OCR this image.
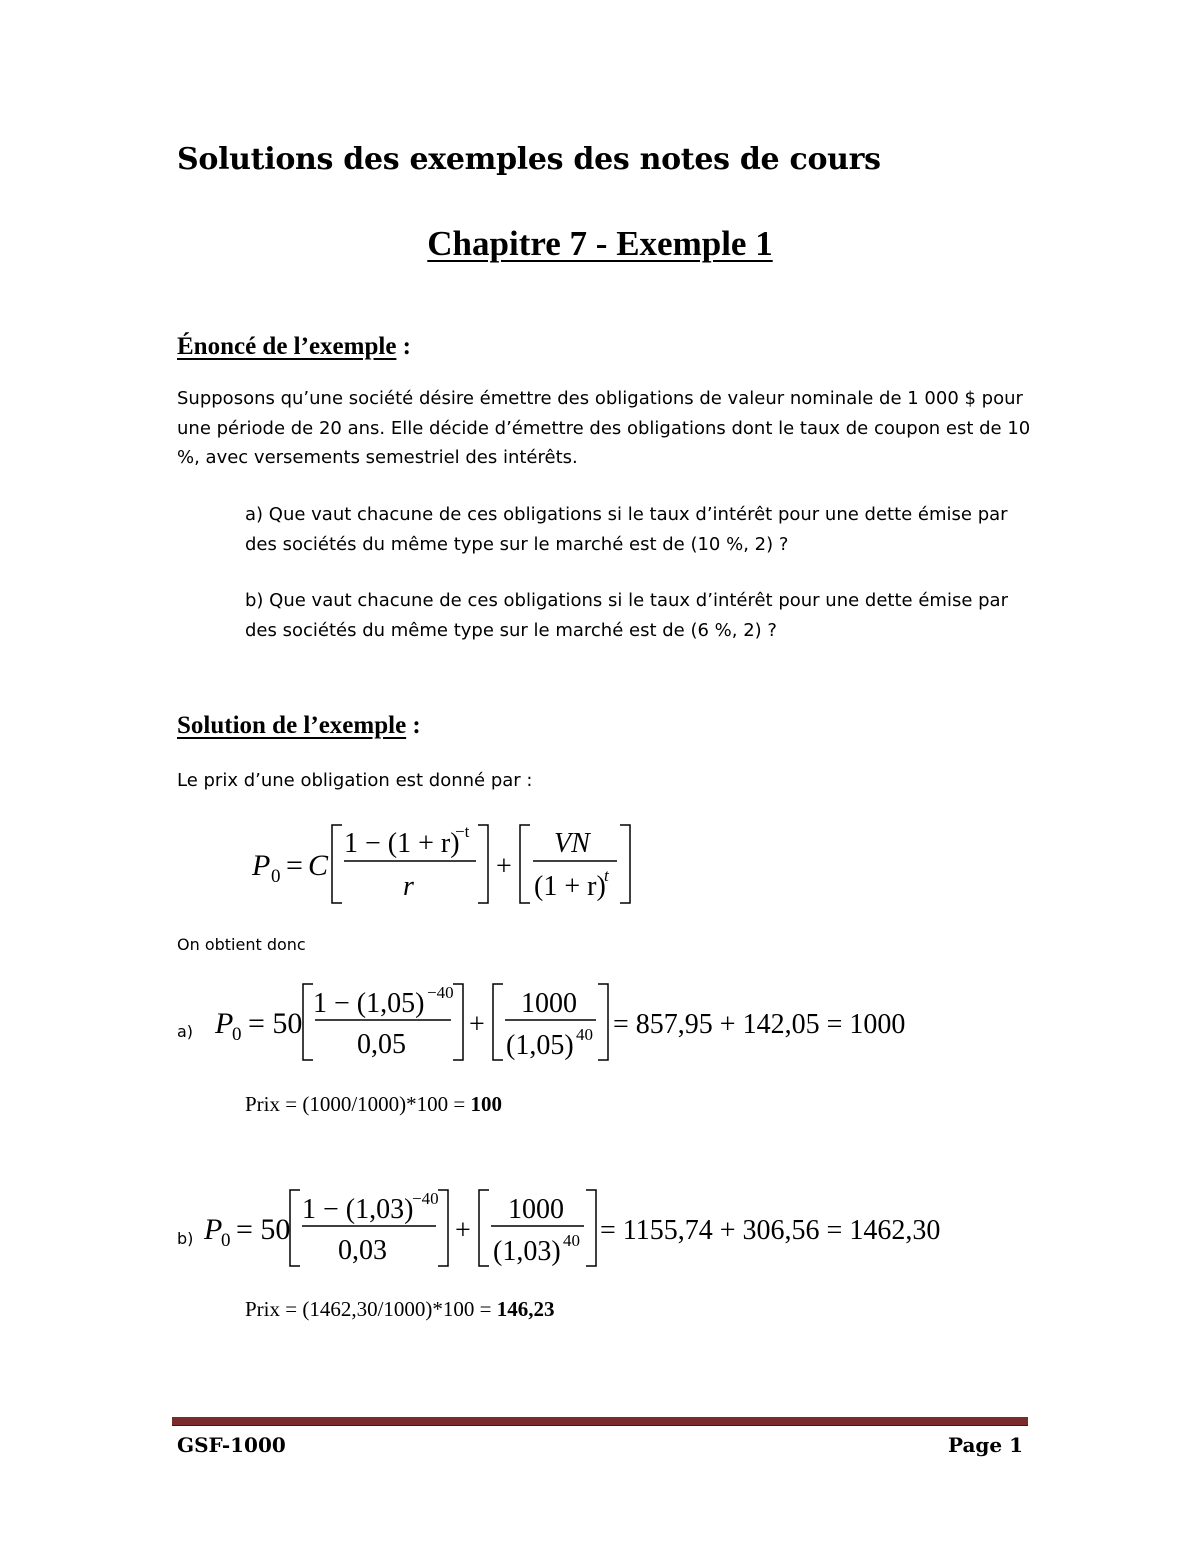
Solutions des exemples des notes de cours
Chapitre 7 - Exemple 1
Énoncé de l’exemple :
Supposons qu’une société désire émettre des obligations de valeur nominale de 1 000 $ pour une période de 20 ans. Elle décide d’émettre des obligations dont le taux de coupon est de 10 %, avec versements semestriel des intérêts.
a) Que vaut chacune de ces obligations si le taux d’intérêt pour une dette émise par des sociétés du même type sur le marché est de (10 %, 2) ?
b) Que vaut chacune de ces obligations si le taux d’intérêt pour une dette émise par des sociétés du même type sur le marché est de (6 %, 2) ?
Solution de l’exemple :
Le prix d’une obligation est donné par :
P 0 = C
1 − (1 + r)
−t
r
+
VN
(1 + r)
t
On obtient donc
a) P
0 = 50
1 − (1,05) −40
0,05
+
1000
(1,05) 40 = 857,95 + 142,05 = 1000
Prix = (1000/1000)*100 = 100
b) P
0 = 50
1 − (1,03)
−40
0,03
+
1000
(1,03) 40 = 1155,74 + 306,56 = 1462,30
Prix = (1462,30/1000)*100 = 146,23
GSF-1000	Page 1
